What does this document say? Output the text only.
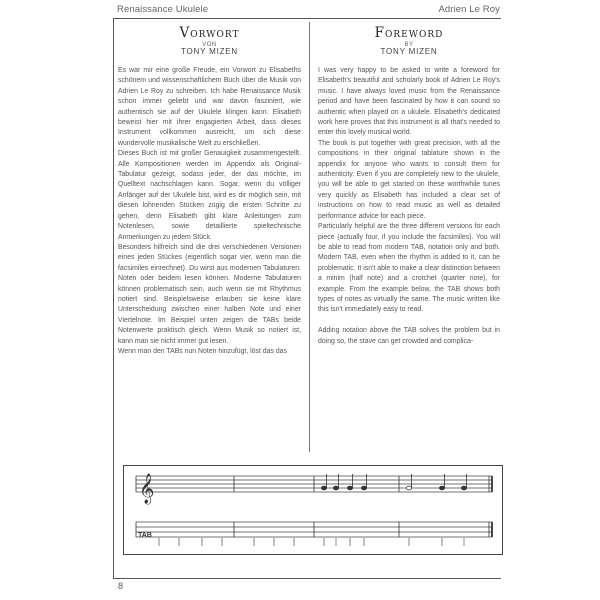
Renaissance Ukulele	Adrien Le Roy
Vorwort
VON
TONY MIZEN
Foreword
BY
TONY MIZEN

Es war mir eine große Freude, ein Vorwort zu Elisabeths schönem und wissenschaftlichem Buch über die Musik von Adrien Le Roy zu schreiben. Ich habe Renaissance Musik schon immer geliebt und war davon fasziniert, wie authentisch sie auf der Ukulele klingen kann. Elisabeth beweist hier mit ihrer engagierten Arbeit, dass dieses Instrument vollkommen ausreicht, um sich diese wundervolle musikalische Welt zu erschließen.

Dieses Buch ist mit großer Genauigkeit zusammengestellt. Alle Kompositionen werden im Appendix als Original-Tabulatur gezeigt, sodass jeder, der das möchte, im Quelltext nachschlagen kann. Sogar, wenn du völliger Anfänger auf der Ukulele bist, wird es dir möglich sein, mit diesen lohnenden Stücken zügig die ersten Schritte zu gehen, denn Elisabeth gibt klare Anleitungen zum Notenlesen, sowie detaillierte spieltechnische Anmerkungen zu jedem Stück.

Besonders hilfreich sind die drei verschiedenen Versionen eines jeden Stückes (eigentlich sogar vier, wenn man die facsimiles einrechnet). Du wirst aus modernen Tabulaturen: Noten oder beidem lesen können. Moderne Tabulaturen können problematisch sein, auch wenn sie mit Rhythmus notiert sind. Beispielsweise erlauben sie keine klare Unterscheidung zwischen einer halben Note und einer Viertelnote. Im Beispiel unten zeigen die TABs beide Notenwerte praktisch gleich. Wenn Musik so notiert ist, kann man sie nicht immer gut lesen.

Wenn man den TABs nun Noten hinzufügt, löst das das

I was very happy to be asked to write a foreword for Elisabeth's beautiful and scholarly book of Adrien Le Roy's music. I have always loved music from the Renaissance period and have been fascinated by how it can sound so authentic when played on a ukulele. Elisabeth's dedicated work here proves that this instrument is all that's needed to enter this lovely musical world.

The book is put together with great precision, with all the compositions in their original tablature shown in the appendix for anyone who wants to consult them for authenticity. Even if you are completely new to the ukulele, you will be able to get started on these worthwhile tunes very quickly as Elisabeth has included a clear set of instructions on how to read music as well as detailed performance advice for each piece.

Particularly helpful are the three different versions for each piece (actually four, if you include the facsimiles). You will be able to read from modern TAB, notation only and both. Modern TAB, even when the rhythm is added to it, can be problematic. It isn't able to make a clear distinction between a minim (half note) and a crotchet (quarter note), for example. From the example below, the TAB shows both types of notes as virtually the same. The music written like this isn't immediately easy to read.

Adding notation above the TAB solves the problem but in doing so, the stave can get crowded and complica-

𝄞
TAB
8
